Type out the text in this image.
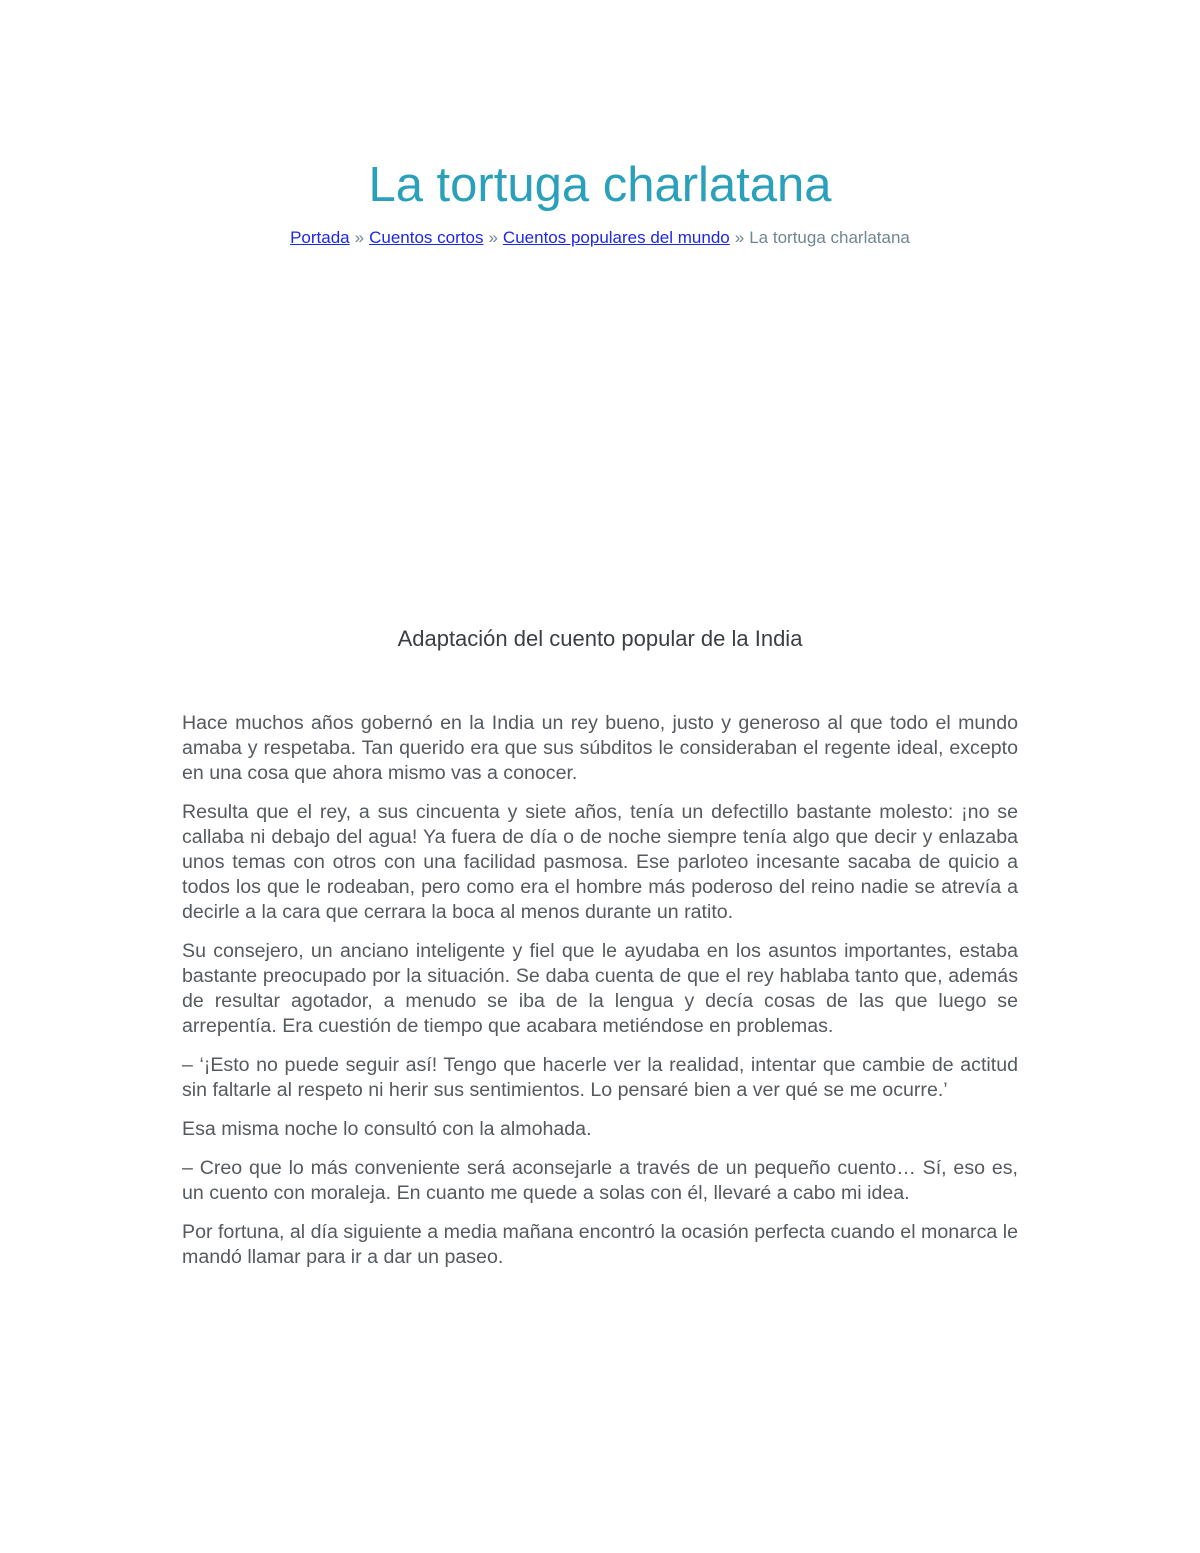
La tortuga charlatana
Portada » Cuentos cortos » Cuentos populares del mundo » La tortuga charlatana
Adaptación del cuento popular de la India

Hace muchos años gobernó en la India un rey bueno, justo y generoso al que todo el mundo amaba y respetaba. Tan querido era que sus súbditos le consideraban el regente ideal, excepto en una cosa que ahora mismo vas a conocer.

Resulta que el rey, a sus cincuenta y siete años, tenía un defectillo bastante molesto: ¡no se callaba ni debajo del agua! Ya fuera de día o de noche siempre tenía algo que decir y enlazaba unos temas con otros con una facilidad pasmosa. Ese parloteo incesante sacaba de quicio a todos los que le rodeaban, pero como era el hombre más poderoso del reino nadie se atrevía a decirle a la cara que cerrara la boca al menos durante un ratito.

Su consejero, un anciano inteligente y fiel que le ayudaba en los asuntos importantes, estaba bastante preocupado por la situación. Se daba cuenta de que el rey hablaba tanto que, además de resultar agotador, a menudo se iba de la lengua y decía cosas de las que luego se arrepentía. Era cuestión de tiempo que acabara metiéndose en problemas.

– ‘¡Esto no puede seguir así! Tengo que hacerle ver la realidad, intentar que cambie de actitud sin faltarle al respeto ni herir sus sentimientos. Lo pensaré bien a ver qué se me ocurre.’

Esa misma noche lo consultó con la almohada.

– Creo que lo más conveniente será aconsejarle a través de un pequeño cuento… Sí, eso es, un cuento con moraleja. En cuanto me quede a solas con él, llevaré a cabo mi idea.

Por fortuna, al día siguiente a media mañana encontró la ocasión perfecta cuando el monarca le mandó llamar para ir a dar un paseo.
